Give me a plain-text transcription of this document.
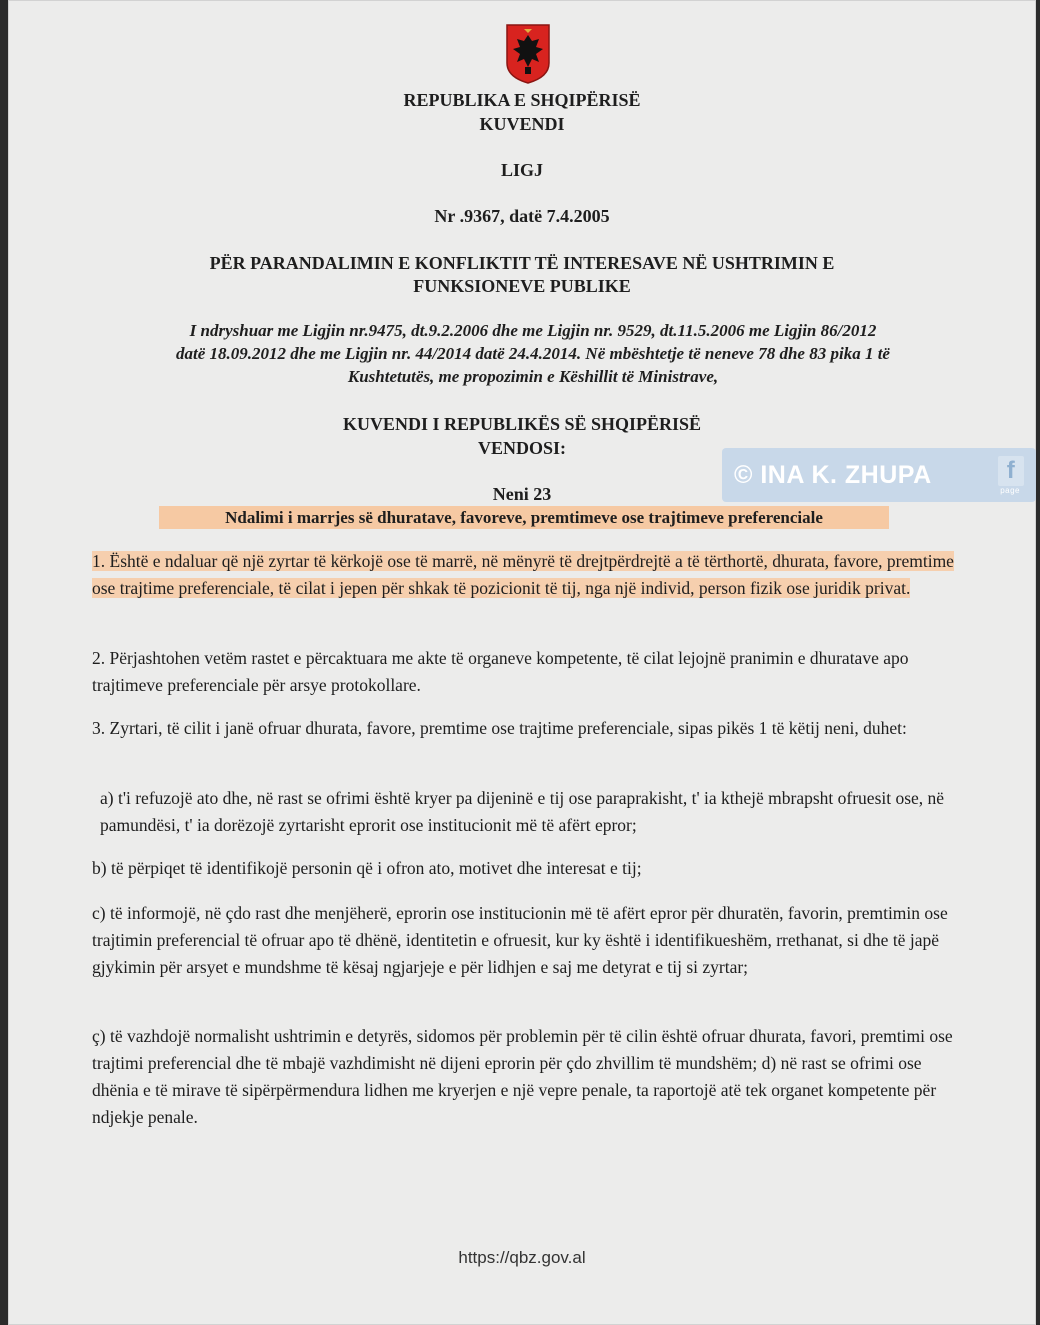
REPUBLIKA E SHQIPËRISË
KUVENDI
LIGJ
Nr .9367, datë 7.4.2005
PËR PARANDALIMIN E KONFLIKTIT TË INTERESAVE NË USHTRIMIN E
FUNKSIONEVE PUBLIKE
I ndryshuar me Ligjin nr.9475, dt.9.2.2006 dhe me Ligjin nr. 9529, dt.11.5.2006 me Ligjin 86/2012
datë 18.09.2012 dhe me Ligjin nr. 44/2014 datë 24.4.2014. Në mbështetje të neneve 78 dhe 83 pika 1 të
Kushtetutës, me propozimin e Këshillit të Ministrave,
KUVENDI I REPUBLIKËS SË SHQIPËRISË
VENDOSI:
© INA K. ZHUPA	f
page
Neni 23
Ndalimi i marrjes së dhuratave, favoreve, premtimeve ose trajtimeve preferenciale
1. Është e ndaluar që një zyrtar të kërkojë ose të marrë, në mënyrë të drejtpërdrejtë a të tërthortë, dhurata, favore, premtime ose trajtime preferenciale, të cilat i jepen për shkak të pozicionit të tij, nga një individ, person fizik ose juridik privat.
2. Përjashtohen vetëm rastet e përcaktuara me akte të organeve kompetente, të cilat lejojnë pranimin e dhuratave apo trajtimeve preferenciale për arsye protokollare.
3. Zyrtari, të cilit i janë ofruar dhurata, favore, premtime ose trajtime preferenciale, sipas pikës 1 të këtij neni, duhet:
a) t'i refuzojë ato dhe, në rast se ofrimi është kryer pa dijeninë e tij ose paraprakisht, t' ia kthejë mbrapsht ofruesit ose, në pamundësi, t' ia dorëzojë zyrtarisht eprorit ose institucionit më të afërt epror;
b) të përpiqet të identifikojë personin që i ofron ato, motivet dhe interesat e tij;
c) të informojë, në çdo rast dhe menjëherë, eprorin ose institucionin më të afërt epror për dhuratën, favorin, premtimin ose trajtimin preferencial të ofruar apo të dhënë, identitetin e ofruesit, kur ky është i identifikueshëm, rrethanat, si dhe të japë gjykimin për arsyet e mundshme të kësaj ngjarjeje e për lidhjen e saj me detyrat e tij si zyrtar;
ç) të vazhdojë normalisht ushtrimin e detyrës, sidomos për problemin për të cilin është ofruar dhurata, favori, premtimi ose trajtimi preferencial dhe të mbajë vazhdimisht në dijeni eprorin për çdo zhvillim të mundshëm; d) në rast se ofrimi ose dhënia e të mirave të sipërpërmendura lidhen me kryerjen e një vepre penale, ta raportojë atë tek organet kompetente për ndjekje penale.
https://qbz.gov.al
